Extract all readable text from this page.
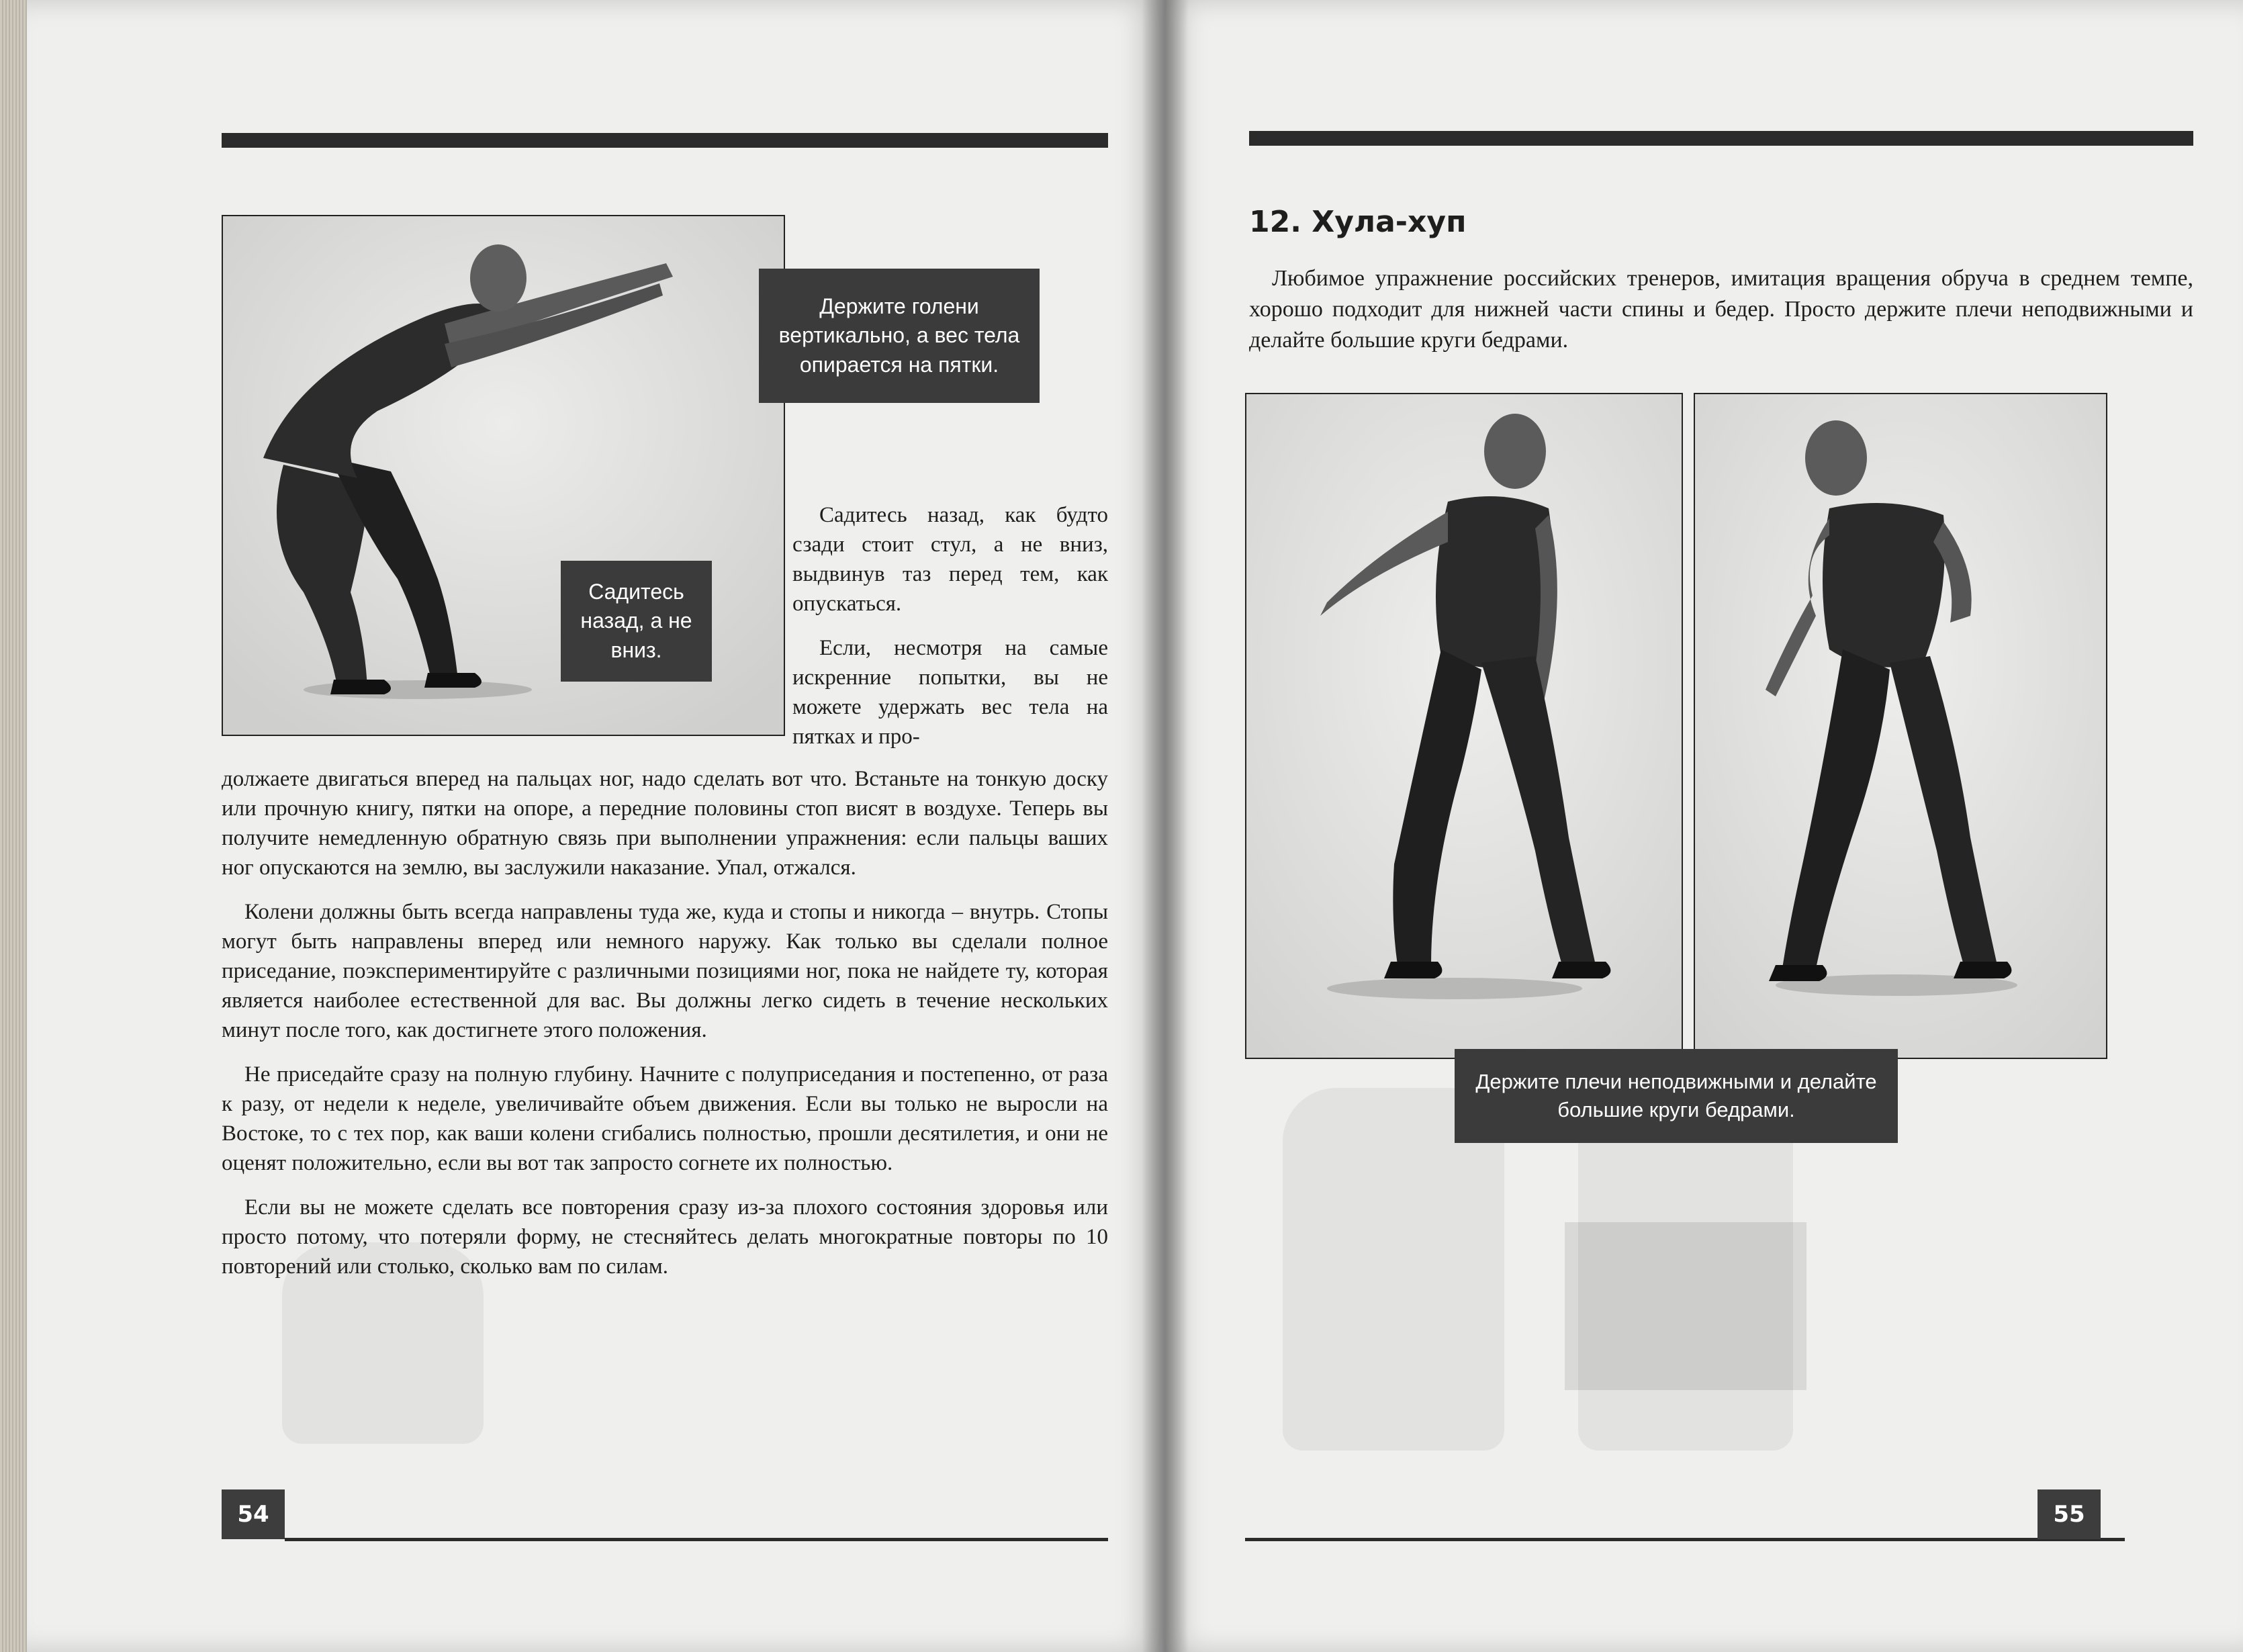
Держите голени вертикально, а вес тела опирается на пятки.
Садитесь назад, а не вниз.

Садитесь назад, как будто сзади стоит стул, а не вниз, выдвинув таз перед тем, как опускаться.

Если, несмотря на самые искренние попытки, вы не можете удержать вес тела на пятках и про-

должаете двигаться вперед на пальцах ног, надо сделать вот что. Встаньте на тонкую доску или прочную книгу, пятки на опоре, а передние половины стоп висят в воздухе. Теперь вы получите немедленную обратную связь при выполнении упражнения: если пальцы ваших ног опускаются на землю, вы заслужили наказание. Упал, отжался.

Колени должны быть всегда направлены туда же, куда и стопы и никогда – внутрь. Стопы могут быть направлены вперед или немного наружу. Как только вы сделали полное приседание, поэкспериментируйте с различными позициями ног, пока не найдете ту, которая является наиболее естественной для вас. Вы должны легко сидеть в течение нескольких минут после того, как достигнете этого положения.

Не приседайте сразу на полную глубину. Начните с полуприседания и постепенно, от раза к разу, от недели к неделе, увеличивайте объем движения. Если вы только не выросли на Востоке, то с тех пор, как ваши колени сгибались полностью, прошли десятилетия, и они не оценят положительно, если вы вот так запросто согнете их полностью.

Если вы не можете сделать все повторения сразу из-за плохого состояния здоровья или просто потому, что потеряли форму, не стесняйтесь делать многократные повторы по 10 повторений или столько, сколько вам по силам.

54
12. Хула-хуп

Любимое упражнение российских тренеров, имитация вращения обруча в среднем темпе, хорошо подходит для нижней части спины и бедер. Просто держите плечи неподвижными и делайте большие круги бедрами.

Держите плечи неподвижными и делайте большие круги бедрами.
55
